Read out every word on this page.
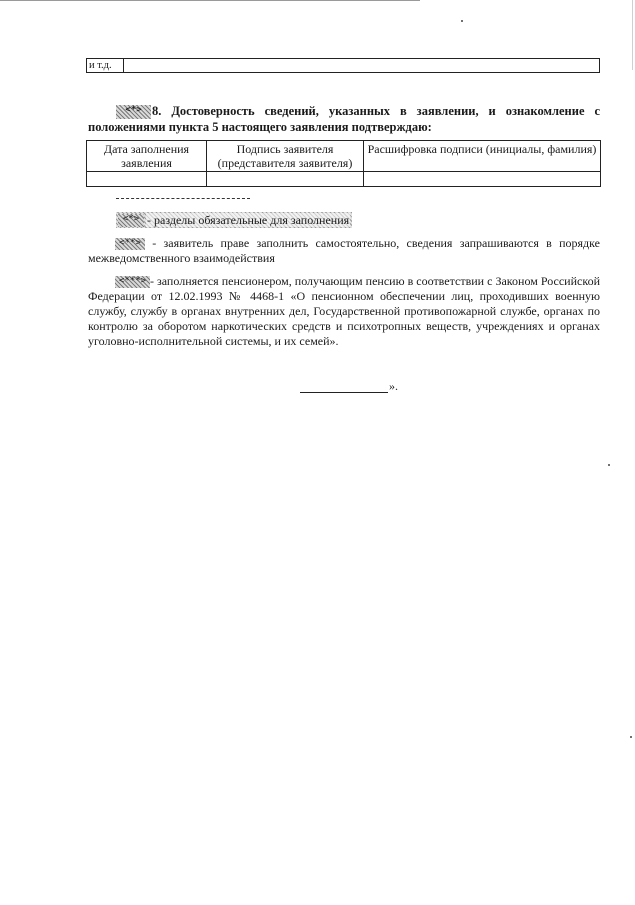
и т.д.
<*> 8. Достоверность сведений, указанных в заявлении, и ознакомление с положениями пункта 5 настоящего заявления подтверждаю:
Дата заполнения заявления	Подпись заявителя (представителя заявителя)	Расшифровка подписи (инициалы, фамилия)

<*> - разделы обязательные для заполнения
<**> - заявитель праве заполнить самостоятельно, сведения запрашиваются в порядке межведомственного взаимодействия
<***> - заполняется пенсионером, получающим пенсию в соответствии с Законом Российской Федерации от 12.02.1993 № 4468-1 «О пенсионном обеспечении лиц, проходивших военную службу, службу в органах внутренних дел, Государственной противопожарной службе, органах по контролю за оборотом наркотических средств и психотропных веществ, учреждениях и органах уголовно-исполнительной системы, и их семей».
».
